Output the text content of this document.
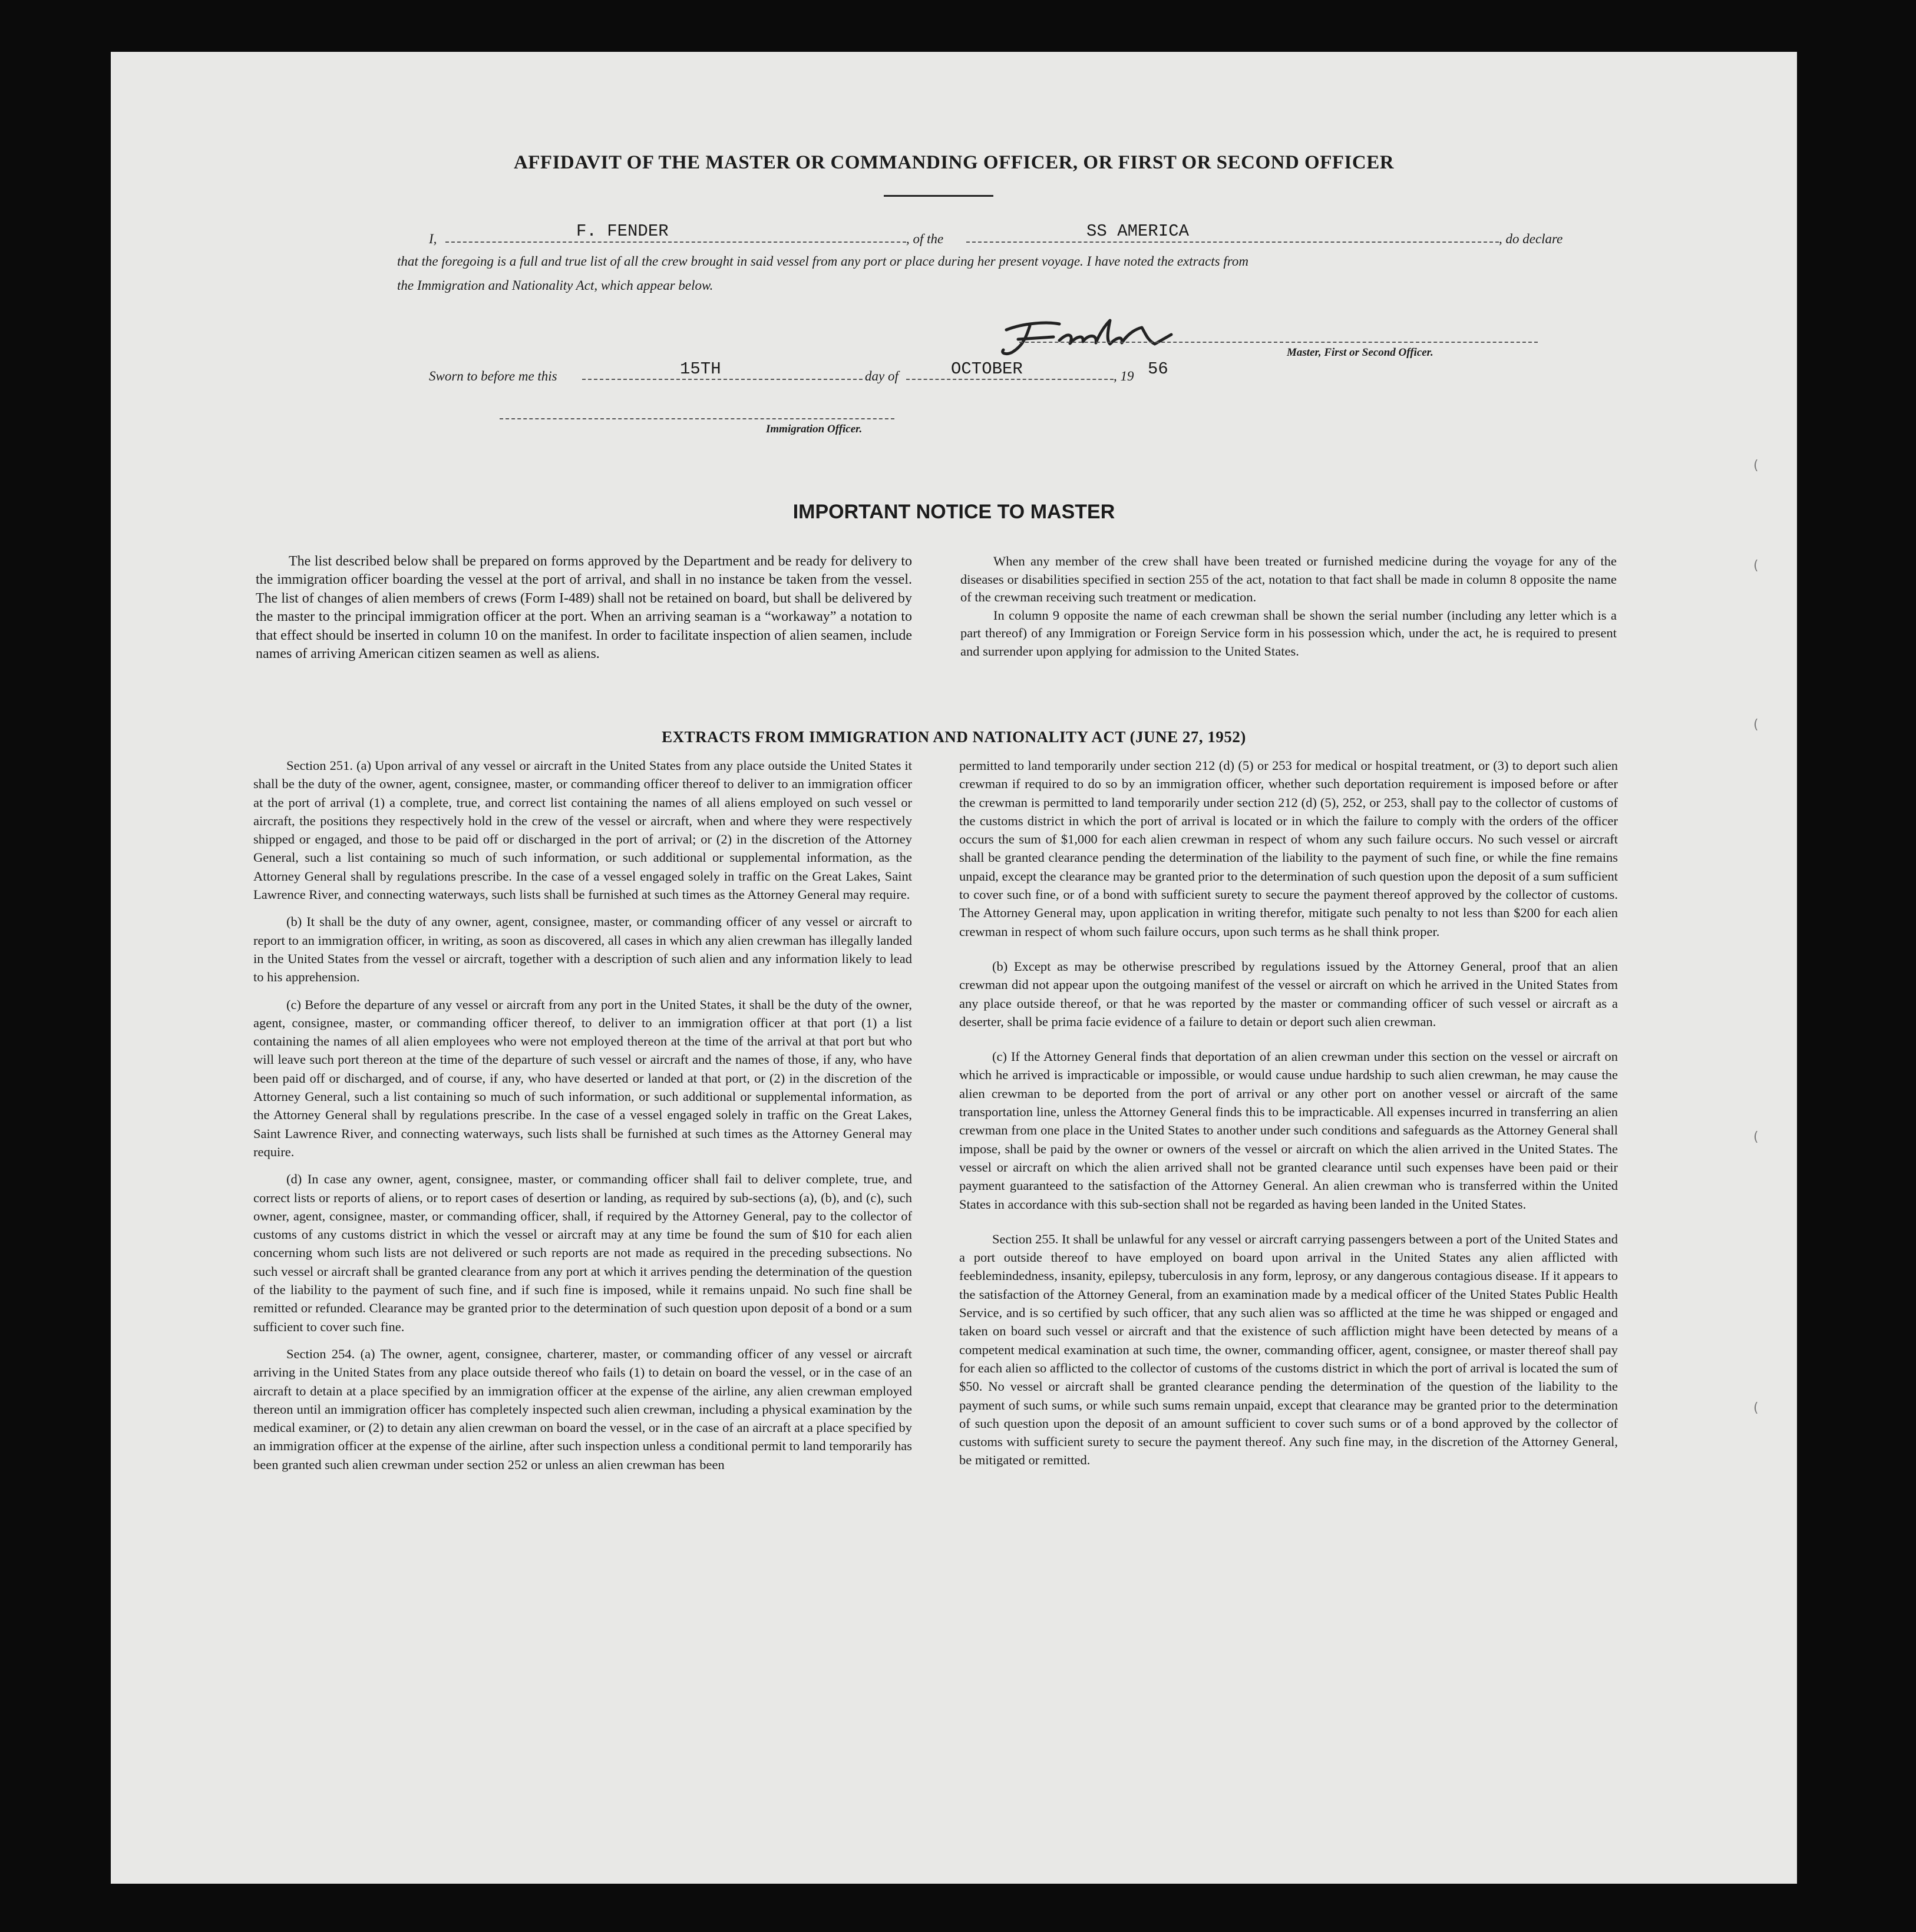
AFFIDAVIT OF THE MASTER OR COMMANDING OFFICER, OR FIRST OR SECOND OFFICER
I,	F. FENDER	, of the	SS AMERICA	, do declare
that the foregoing is a full and true list of all the crew brought in said vessel from any port or place during her present voyage. I have noted the extracts from
the Immigration and Nationality Act, which appear below.
Master, First or Second Officer.
Sworn to before me this	15TH	day of	OCTOBER	, 19 56
Immigration Officer.
IMPORTANT NOTICE TO MASTER

The list described below shall be prepared on forms approved by the Department and be ready for delivery to the immigration officer boarding the vessel at the port of arrival, and shall in no instance be taken from the vessel. The list of changes of alien members of crews (Form I-489) shall not be retained on board, but shall be delivered by the master to the principal immigration officer at the port. When an arriving seaman is a “workaway” a notation to that effect should be inserted in column 10 on the manifest. In order to facilitate inspection of alien seamen, include names of arriving American citizen seamen as well as aliens.

When any member of the crew shall have been treated or furnished medicine during the voyage for any of the diseases or disabilities specified in section 255 of the act, notation to that fact shall be made in column 8 opposite the name of the crewman receiving such treatment or medication.

In column 9 opposite the name of each crewman shall be shown the serial number (including any letter which is a part thereof) of any Immigration or Foreign Service form in his possession which, under the act, he is required to present and surrender upon applying for admission to the United States.

EXTRACTS FROM IMMIGRATION AND NATIONALITY ACT (JUNE 27, 1952)

Section 251. (a) Upon arrival of any vessel or aircraft in the United States from any place outside the United States it shall be the duty of the owner, agent, consignee, master, or commanding officer thereof to deliver to an immigration officer at the port of arrival (1) a complete, true, and correct list containing the names of all aliens employed on such vessel or aircraft, the positions they respectively hold in the crew of the vessel or aircraft, when and where they were respectively shipped or engaged, and those to be paid off or discharged in the port of arrival; or (2) in the discretion of the Attorney General, such a list containing so much of such information, or such additional or supplemental information, as the Attorney General shall by regulations prescribe. In the case of a vessel engaged solely in traffic on the Great Lakes, Saint Lawrence River, and connecting waterways, such lists shall be furnished at such times as the Attorney General may require.

(b) It shall be the duty of any owner, agent, consignee, master, or commanding officer of any vessel or aircraft to report to an immigration officer, in writing, as soon as discovered, all cases in which any alien crewman has illegally landed in the United States from the vessel or aircraft, together with a description of such alien and any information likely to lead to his apprehension.

(c) Before the departure of any vessel or aircraft from any port in the United States, it shall be the duty of the owner, agent, consignee, master, or commanding officer thereof, to deliver to an immigration officer at that port (1) a list containing the names of all alien employees who were not employed thereon at the time of the arrival at that port but who will leave such port thereon at the time of the departure of such vessel or aircraft and the names of those, if any, who have been paid off or discharged, and of course, if any, who have deserted or landed at that port, or (2) in the discretion of the Attorney General, such a list containing so much of such information, or such additional or supplemental information, as the Attorney General shall by regulations prescribe. In the case of a vessel engaged solely in traffic on the Great Lakes, Saint Lawrence River, and connecting waterways, such lists shall be furnished at such times as the Attorney General may require.

(d) In case any owner, agent, consignee, master, or commanding officer shall fail to deliver complete, true, and correct lists or reports of aliens, or to report cases of desertion or landing, as required by sub-sections (a), (b), and (c), such owner, agent, consignee, master, or commanding officer, shall, if required by the Attorney General, pay to the collector of customs of any customs district in which the vessel or aircraft may at any time be found the sum of $10 for each alien concerning whom such lists are not delivered or such reports are not made as required in the preceding subsections. No such vessel or aircraft shall be granted clearance from any port at which it arrives pending the determination of the question of the liability to the payment of such fine, and if such fine is imposed, while it remains unpaid. No such fine shall be remitted or refunded. Clearance may be granted prior to the determination of such question upon deposit of a bond or a sum sufficient to cover such fine.

Section 254. (a) The owner, agent, consignee, charterer, master, or commanding officer of any vessel or aircraft arriving in the United States from any place outside thereof who fails (1) to detain on board the vessel, or in the case of an aircraft to detain at a place specified by an immigration officer at the expense of the airline, any alien crewman employed thereon until an immigration officer has completely inspected such alien crewman, including a physical examination by the medical examiner, or (2) to detain any alien crewman on board the vessel, or in the case of an aircraft at a place specified by an immigration officer at the expense of the airline, after such inspection unless a conditional permit to land temporarily has been granted such alien crewman under section 252 or unless an alien crewman has been

permitted to land temporarily under section 212 (d) (5) or 253 for medical or hospital treatment, or (3) to deport such alien crewman if required to do so by an immigration officer, whether such deportation requirement is imposed before or after the crewman is permitted to land temporarily under section 212 (d) (5), 252, or 253, shall pay to the collector of customs of the customs district in which the port of arrival is located or in which the failure to comply with the orders of the officer occurs the sum of $1,000 for each alien crewman in respect of whom any such failure occurs. No such vessel or aircraft shall be granted clearance pending the determination of the liability to the payment of such fine, or while the fine remains unpaid, except the clearance may be granted prior to the determination of such question upon the deposit of a sum sufficient to cover such fine, or of a bond with sufficient surety to secure the payment thereof approved by the collector of customs. The Attorney General may, upon application in writing therefor, mitigate such penalty to not less than $200 for each alien crewman in respect of whom such failure occurs, upon such terms as he shall think proper.

(b) Except as may be otherwise prescribed by regulations issued by the Attorney General, proof that an alien crewman did not appear upon the outgoing manifest of the vessel or aircraft on which he arrived in the United States from any place outside thereof, or that he was reported by the master or commanding officer of such vessel or aircraft as a deserter, shall be prima facie evidence of a failure to detain or deport such alien crewman.

(c) If the Attorney General finds that deportation of an alien crewman under this section on the vessel or aircraft on which he arrived is impracticable or impossible, or would cause undue hardship to such alien crewman, he may cause the alien crewman to be deported from the port of arrival or any other port on another vessel or aircraft of the same transportation line, unless the Attorney General finds this to be impracticable. All expenses incurred in transferring an alien crewman from one place in the United States to another under such conditions and safeguards as the Attorney General shall impose, shall be paid by the owner or owners of the vessel or aircraft on which the alien arrived in the United States. The vessel or aircraft on which the alien arrived shall not be granted clearance until such expenses have been paid or their payment guaranteed to the satisfaction of the Attorney General. An alien crewman who is transferred within the United States in accordance with this sub-section shall not be regarded as having been landed in the United States.

Section 255. It shall be unlawful for any vessel or aircraft carrying passengers between a port of the United States and a port outside thereof to have employed on board upon arrival in the United States any alien afflicted with feeblemindedness, insanity, epilepsy, tuberculosis in any form, leprosy, or any dangerous contagious disease. If it appears to the satisfaction of the Attorney General, from an examination made by a medical officer of the United States Public Health Service, and is so certified by such officer, that any such alien was so afflicted at the time he was shipped or engaged and taken on board such vessel or aircraft and that the existence of such affliction might have been detected by means of a competent medical examination at such time, the owner, commanding officer, agent, consignee, or master thereof shall pay for each alien so afflicted to the collector of customs of the customs district in which the port of arrival is located the sum of $50. No vessel or aircraft shall be granted clearance pending the determination of the question of the liability to the payment of such sums, or while such sums remain unpaid, except that clearance may be granted prior to the determination of such question upon the deposit of an amount sufficient to cover such sums or of a bond approved by the collector of customs with sufficient surety to secure the payment thereof. Any such fine may, in the discretion of the Attorney General, be mitigated or remitted.

(
(
(
(
(
